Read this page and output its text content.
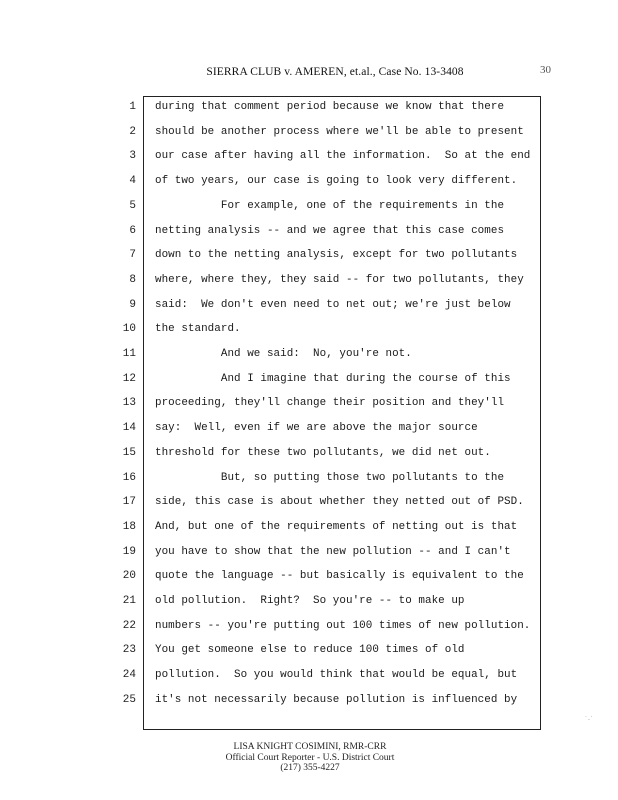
SIERRA CLUB v. AMEREN, et.al., Case No. 13-3408	30
1
2
3
4
5
6
7
8
9
10
11
12
13
14
15
16
17
18
19
20
21
22
23
24
25
during that comment period because we know that there
should be another process where we'll be able to present
our case after having all the information.  So at the end
of two years, our case is going to look very different.
For example, one of the requirements in the
netting analysis -- and we agree that this case comes
down to the netting analysis, except for two pollutants
where, where they, they said -- for two pollutants, they
said:  We don't even need to net out; we're just below
the standard.
And we said:  No, you're not.
And I imagine that during the course of this
proceeding, they'll change their position and they'll
say:  Well, even if we are above the major source
threshold for these two pollutants, we did net out.
But, so putting those two pollutants to the
side, this case is about whether they netted out of PSD.
And, but one of the requirements of netting out is that
you have to show that the new pollution -- and I can't
quote the language -- but basically is equivalent to the
old pollution.  Right?  So you're -- to make up
numbers -- you're putting out 100 times of new pollution.
You get someone else to reduce 100 times of old
pollution.  So you would think that would be equal, but
it's not necessarily because pollution is influenced by
LISA KNIGHT COSIMINI, RMR-CRR
Official Court Reporter - U.S. District Court
(217) 355-4227
˙·˙
